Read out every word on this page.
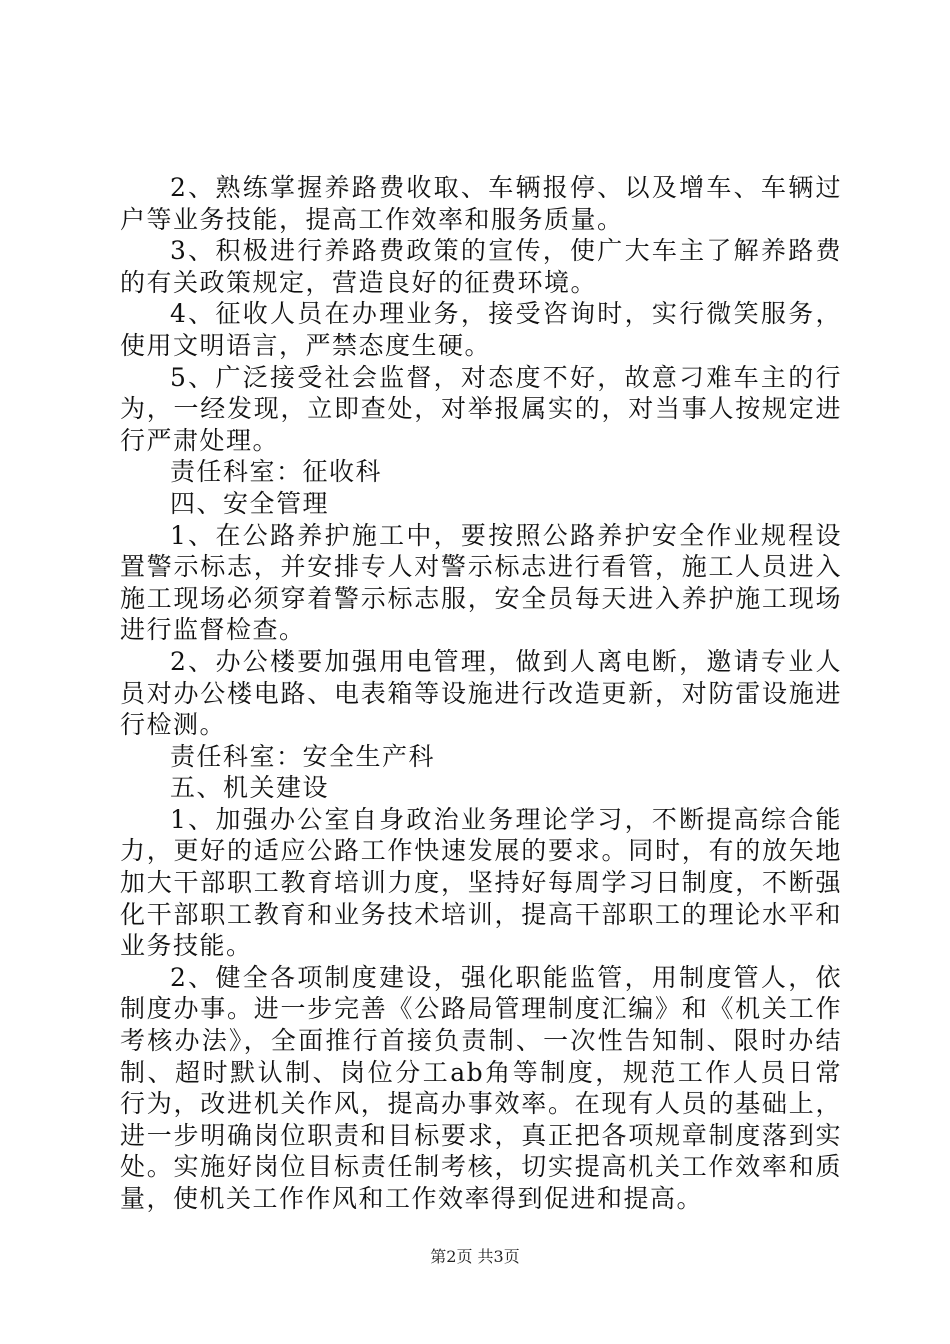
2、熟练掌握养路费收取、车辆报停、以及增车、车辆过户等业务技能，提高工作效率和服务质量。

3、积极进行养路费政策的宣传，使广大车主了解养路费的有关政策规定，营造良好的征费环境。

4、征收人员在办理业务，接受咨询时，实行微笑服务，使用文明语言，严禁态度生硬。

5、广泛接受社会监督，对态度不好，故意刁难车主的行为，一经发现，立即查处，对举报属实的，对当事人按规定进行严肃处理。

责任科室：征收科

四、安全管理

1、在公路养护施工中，要按照公路养护安全作业规程设置警示标志，并安排专人对警示标志进行看管，施工人员进入施工现场必须穿着警示标志服，安全员每天进入养护施工现场进行监督检查。

2、办公楼要加强用电管理，做到人离电断，邀请专业人员对办公楼电路、电表箱等设施进行改造更新，对防雷设施进行检测。

责任科室：安全生产科

五、机关建设

1、加强办公室自身政治业务理论学习，不断提高综合能力，更好的适应公路工作快速发展的要求。同时，有的放矢地加大干部职工教育培训力度，坚持好每周学习日制度，不断强化干部职工教育和业务技术培训，提高干部职工的理论水平和业务技能。

2、健全各项制度建设，强化职能监管，用制度管人，依制度办事。进一步完善《公路局管理制度汇编》和《机关工作考核办法》，全面推行首接负责制、一次性告知制、限时办结制、超时默认制、岗位分工ab角等制度，规范工作人员日常行为，改进机关作风，提高办事效率。在现有人员的基础上，进一步明确岗位职责和目标要求，真正把各项规章制度落到实处。实施好岗位目标责任制考核，切实提高机关工作效率和质量，使机关工作作风和工作效率得到促进和提高。

第2页 共3页
